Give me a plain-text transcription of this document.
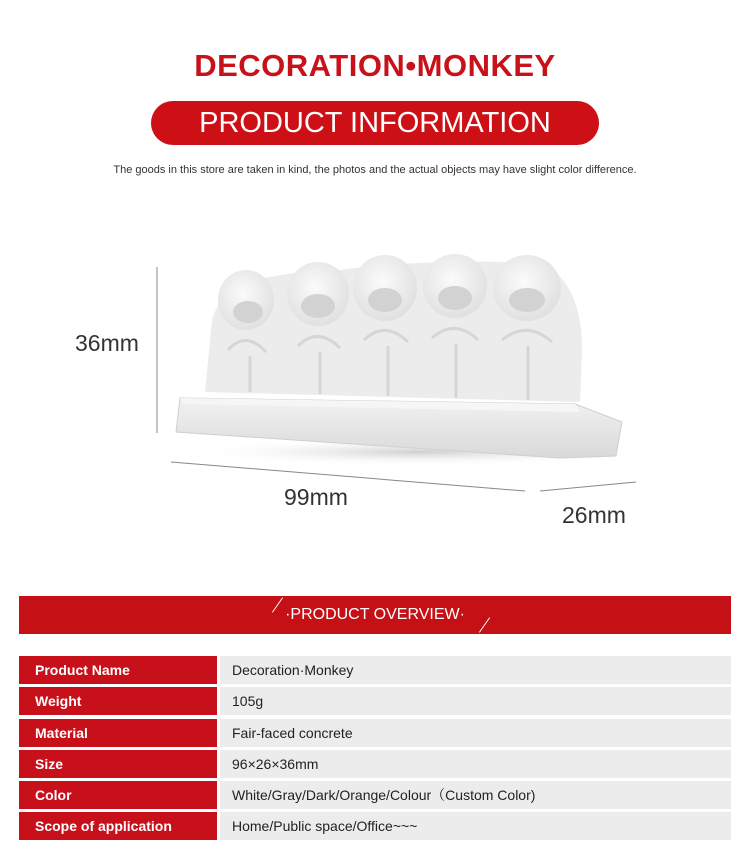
DECORATION•MONKEY
PRODUCT INFORMATION
The goods in this store are taken in kind, the photos and the actual objects may have slight color difference.
36mm
99mm
26mm
·PRODUCT OVERVIEW·
Product Name	Decoration·Monkey
Weight	105g
Material	Fair-faced concrete
Size	96×26×36mm
Color	White/Gray/Dark/Orange/Colour（Custom Color)
Scope of application	Home/Public space/Office~~~
